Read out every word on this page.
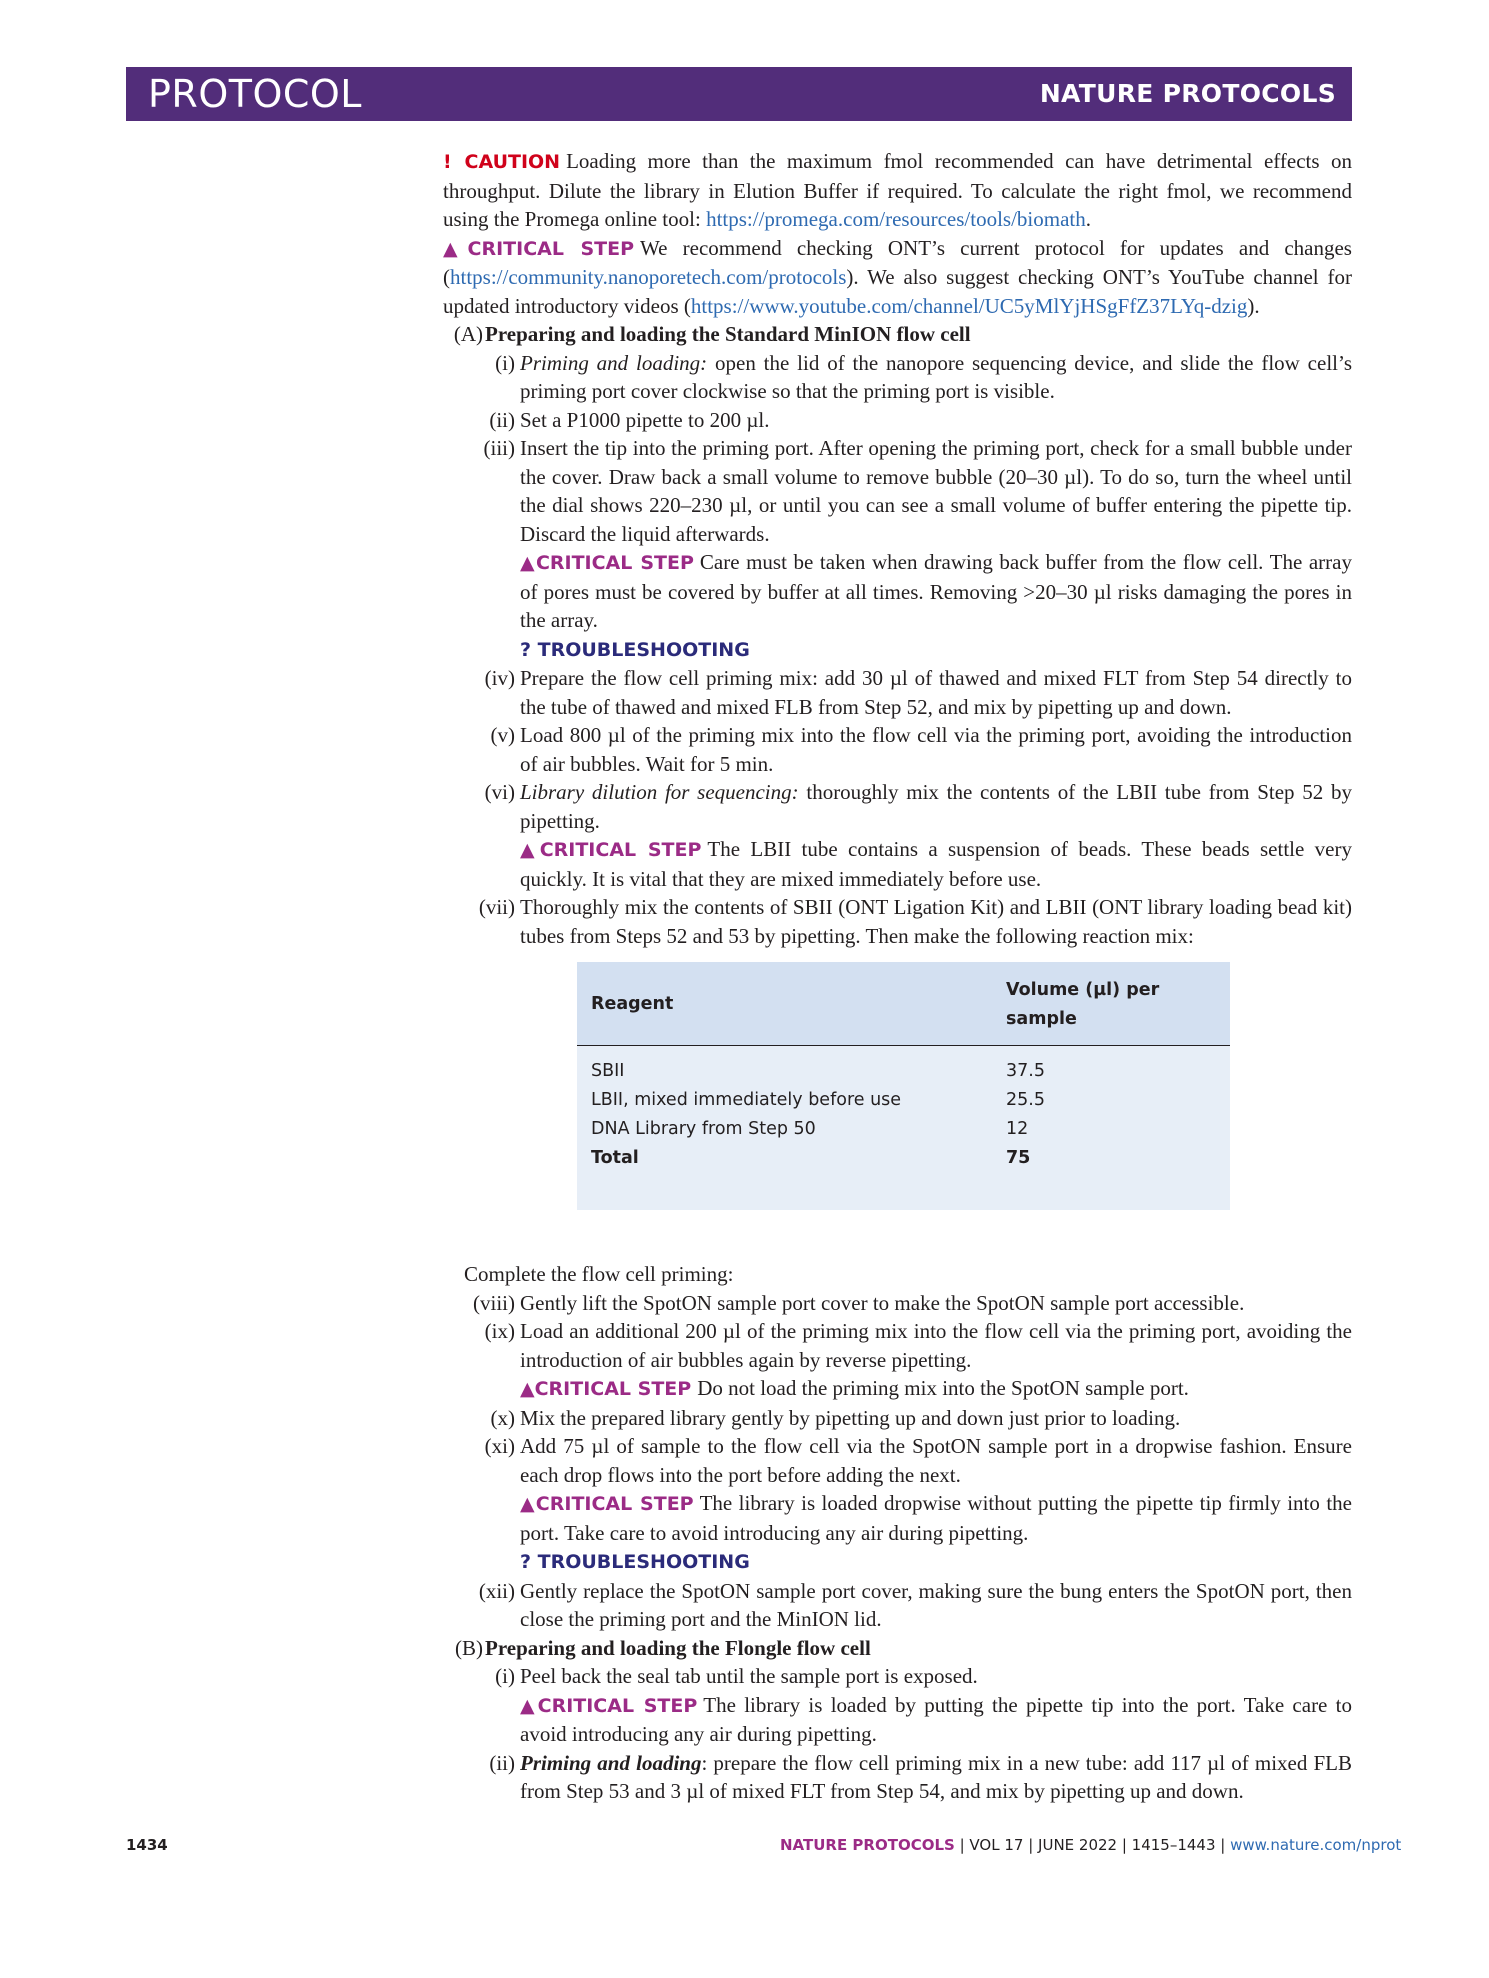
PROTOCOL	NATURE PROTOCOLS

! CAUTION Loading more than the maximum fmol recommended can have detrimental effects on throughput. Dilute the library in Elution Buffer if required. To calculate the right fmol, we recommend using the Promega online tool: https://promega.com/resources/tools/biomath.

▲CRITICAL STEP We recommend checking ONT’s current protocol for updates and changes (https://community.nanoporetech.com/protocols). We also suggest checking ONT’s YouTube channel for updated introductory videos (https://www.youtube.com/channel/UC5yMlYjHSgFfZ37LYq-dzig).

(A) Preparing and loading the Standard MinION flow cell
(i) Priming and loading: open the lid of the nanopore sequencing device, and slide the flow cell’s priming port cover clockwise so that the priming port is visible.
(ii) Set a P1000 pipette to 200 µl.
(iii) Insert the tip into the priming port. After opening the priming port, check for a small bubble under the cover. Draw back a small volume to remove bubble (20–30 µl). To do so, turn the wheel until the dial shows 220–230 µl, or until you can see a small volume of buffer entering the pipette tip. Discard the liquid afterwards.

▲CRITICAL STEP Care must be taken when drawing back buffer from the flow cell. The array of pores must be covered by buffer at all times. Removing >20–30 µl risks damaging the pores in the array.

? TROUBLESHOOTING

(iv) Prepare the flow cell priming mix: add 30 µl of thawed and mixed FLT from Step 54 directly to the tube of thawed and mixed FLB from Step 52, and mix by pipetting up and down.
(v) Load 800 µl of the priming mix into the flow cell via the priming port, avoiding the introduction of air bubbles. Wait for 5 min.
(vi) Library dilution for sequencing: thoroughly mix the contents of the LBII tube from Step 52 by pipetting.

▲CRITICAL STEP The LBII tube contains a suspension of beads. These beads settle very quickly. It is vital that they are mixed immediately before use.

(vii) Thoroughly mix the contents of SBII (ONT Ligation Kit) and LBII (ONT library loading bead kit) tubes from Steps 52 and 53 by pipetting. Then make the following reaction mix:
Reagent	Volume (µl) per sample
SBII	37.5
LBII, mixed immediately before use	25.5
DNA Library from Step 50	12
Total	75

Complete the flow cell priming:

(viii) Gently lift the SpotON sample port cover to make the SpotON sample port accessible.
(ix) Load an additional 200 µl of the priming mix into the flow cell via the priming port, avoiding the introduction of air bubbles again by reverse pipetting.

▲CRITICAL STEP Do not load the priming mix into the SpotON sample port.

(x) Mix the prepared library gently by pipetting up and down just prior to loading.
(xi) Add 75 µl of sample to the flow cell via the SpotON sample port in a dropwise fashion. Ensure each drop flows into the port before adding the next.

▲CRITICAL STEP The library is loaded dropwise without putting the pipette tip firmly into the port. Take care to avoid introducing any air during pipetting.

? TROUBLESHOOTING

(xii) Gently replace the SpotON sample port cover, making sure the bung enters the SpotON port, then close the priming port and the MinION lid.
(B) Preparing and loading the Flongle flow cell
(i) Peel back the seal tab until the sample port is exposed.

▲CRITICAL STEP The library is loaded by putting the pipette tip into the port. Take care to avoid introducing any air during pipetting.

(ii) Priming and loading: prepare the flow cell priming mix in a new tube: add 117 µl of mixed FLB from Step 53 and 3 µl of mixed FLT from Step 54, and mix by pipetting up and down.
1434	NATURE PROTOCOLS | VOL 17 | JUNE 2022 | 1415–1443 | www.nature.com/nprot
